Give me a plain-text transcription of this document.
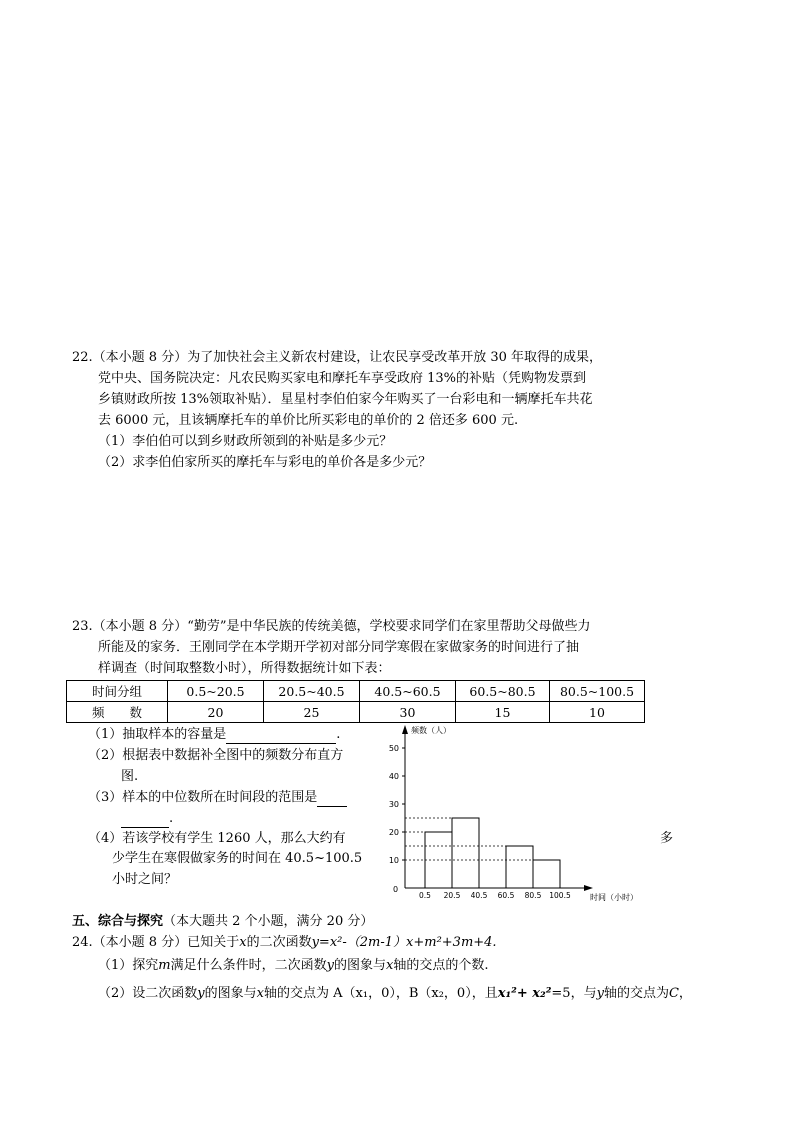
22.（本小题 8 分）为了加快社会主义新农村建设，让农民享受改革开放 30 年取得的成果，
党中央、国务院决定：凡农民购买家电和摩托车享受政府 13%的补贴（凭购物发票到
乡镇财政所按 13%领取补贴）．星星村李伯伯家今年购买了一台彩电和一辆摩托车共花
去 6000 元，且该辆摩托车的单价比所买彩电的单价的 2 倍还多 600 元.
（1）李伯伯可以到乡财政所领到的补贴是多少元？
（2）求李伯伯家所买的摩托车与彩电的单价各是多少元？
23.（本小题 8 分）“勤劳”是中华民族的传统美德，学校要求同学们在家里帮助父母做些力
所能及的家务．王刚同学在本学期开学初对部分同学寒假在家做家务的时间进行了抽
样调查（时间取整数小时），所得数据统计如下表：
时间分组	0.5~20.5	20.5~40.5	40.5~60.5	60.5~80.5	80.5~100.5
频　　数	20	25	30	15	10
（1）抽取样本的容量是	.
（2）根据表中数据补全图中的频数分布直方
图.
（3）样本的中位数所在时间段的范围是
.
（4）若该学校有学生 1260 人，那么大约有	多
少学生在寒假做家务的时间在 40.5~100.5
小时之间？
0
10
20
30
40
50
0.5 20.5 40.5 60.5 80.5 100.5
频数（人）
时间（小时）
五、综合与探究（本大题共 2 个小题，满分 20 分）
24.（本小题 8 分）已知关于x的二次函数y=x²-（2m-1）x+m²+3m+4.
（1）探究m满足什么条件时，二次函数y的图象与x轴的交点的个数.
（2）设二次函数y的图象与x轴的交点为 A（x₁，0），B（x₂，0），且x₁²+ x₂²=5，与y轴的交点为C，
